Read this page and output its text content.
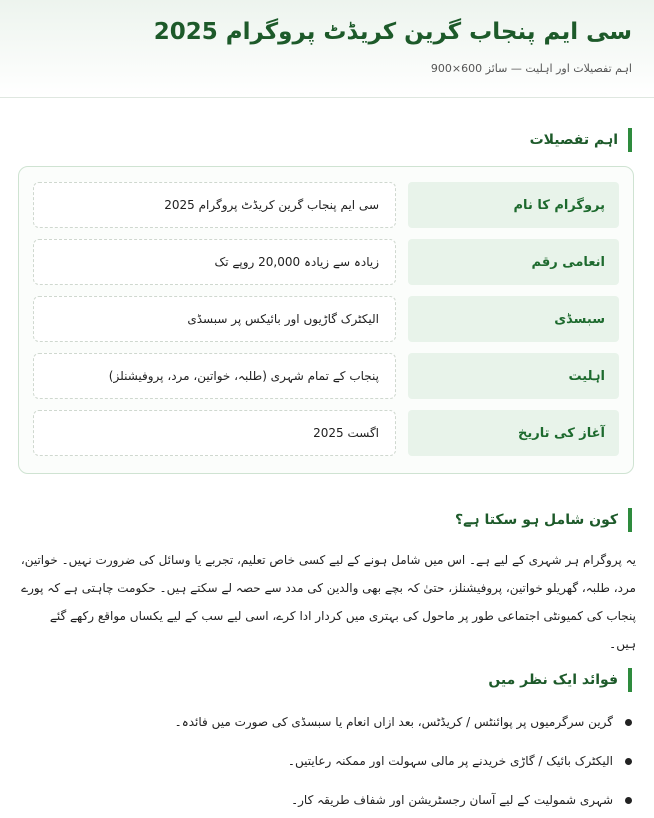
سی ایم پنجاب گرین کریڈٹ پروگرام 2025
اہم تفصیلات اور اہلیت — سائز 600×900
اہم تفصیلات
پروگرام کا نام
سی ایم پنجاب گرین کریڈٹ پروگرام 2025
انعامی رقم
زیادہ سے زیادہ 20,000 روپے تک
سبسڈی
الیکٹرک گاڑیوں اور بائیکس پر سبسڈی
اہلیت
پنجاب کے تمام شہری (طلبہ، خواتین، مرد، پروفیشنلز)
آغاز کی تاریخ
اگست 2025
کون شامل ہو سکتا ہے؟

یہ پروگرام ہر شہری کے لیے ہے۔ اس میں شامل ہونے کے لیے کسی خاص تعلیم، تجربے یا وسائل کی ضرورت نہیں۔ خواتین، مرد، طلبہ، گھریلو خواتین، پروفیشنلز، حتیٰ کہ بچے بھی والدین کی مدد سے حصہ لے سکتے ہیں۔ حکومت چاہتی ہے کہ پورے پنجاب کی کمیونٹی اجتماعی طور پر ماحول کی بہتری میں کردار ادا کرے، اسی لیے سب کے لیے یکساں مواقع رکھے گئے ہیں۔

فوائد ایک نظر میں
گرین سرگرمیوں پر پوائنٹس / کریڈٹس، بعد ازاں انعام یا سبسڈی کی صورت میں فائدہ۔
الیکٹرک بائیک / گاڑی خریدنے پر مالی سہولت اور ممکنہ رعایتیں۔
شہری شمولیت کے لیے آسان رجسٹریشن اور شفاف طریقہ کار۔
